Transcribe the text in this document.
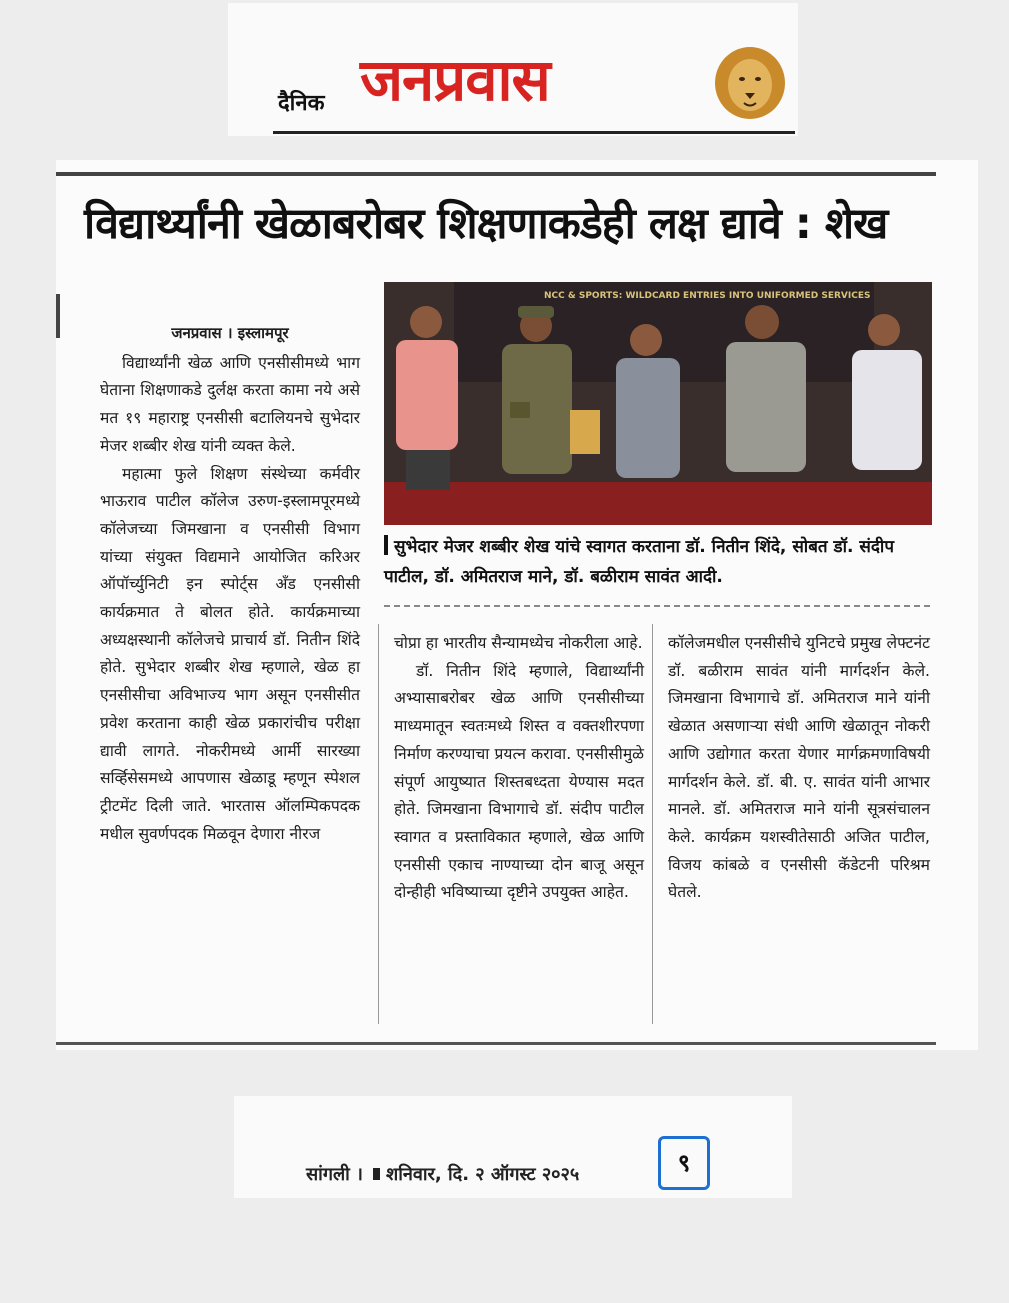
दैनिक जनप्रवास
विद्यार्थ्यांनी खेळाबरोबर शिक्षणाकडेही लक्ष द्यावे : शेख

जनप्रवास । इस्लामपूर

विद्यार्थ्यांनी खेळ आणि एनसीसीमध्ये भाग घेताना शिक्षणाकडे दुर्लक्ष करता कामा नये असे मत १९ महाराष्ट्र एनसीसी बटालियनचे सुभेदार मेजर शब्बीर शेख यांनी व्यक्त केले.

महात्मा फुले शिक्षण संस्थेच्या कर्मवीर भाऊराव पाटील कॉलेज उरुण-इस्लामपूरमध्ये कॉलेजच्या जिमखाना व एनसीसी विभाग यांच्या संयुक्त विद्यमाने आयोजित करिअर ऑपॉर्च्युनिटी इन स्पोर्ट्स अँड एनसीसी कार्यक्रमात ते बोलत होते. कार्यक्रमाच्या अध्यक्षस्थानी कॉलेजचे प्राचार्य डॉ. नितीन शिंदे होते. सुभेदार शब्बीर शेख म्हणाले, खेळ हा एनसीसीचा अविभाज्य भाग असून एनसीसीत प्रवेश करताना काही खेळ प्रकारांचीच परीक्षा द्यावी लागते. नोकरीमध्ये आर्मी सारख्या सर्व्हिसेसमध्ये आपणास खेळाडू म्हणून स्पेशल ट्रीटमेंट दिली जाते. भारतास ऑलम्पिकपदक मधील सुवर्णपदक मिळवून देणारा नीरज

NCC & SPORTS: WILDCARD ENTRIES INTO UNIFORMED SERVICES
सुभेदार मेजर शब्बीर शेख यांचे स्वागत करताना डॉ. नितीन शिंदे, सोबत डॉ. संदीप पाटील, डॉ. अमितराज माने, डॉ. बळीराम सावंत आदी.

चोप्रा हा भारतीय सैन्यामध्येच नोकरीला आहे.

डॉ. नितीन शिंदे म्हणाले, विद्यार्थ्यांनी अभ्यासाबरोबर खेळ आणि एनसीसीच्या माध्यमातून स्वतःमध्ये शिस्त व वक्तशीरपणा निर्माण करण्याचा प्रयत्न करावा. एनसीसीमुळे संपूर्ण आयुष्यात शिस्तबध्दता येण्यास मदत होते. जिमखाना विभागाचे डॉ. संदीप पाटील स्वागत व प्रस्ताविकात म्हणाले, खेळ आणि एनसीसी एकाच नाण्याच्या दोन बाजू असून दोन्हीही भविष्याच्या दृष्टीने उपयुक्त आहेत.

कॉलेजमधील एनसीसीचे युनिटचे प्रमुख लेफ्टनंट डॉ. बळीराम सावंत यांनी मार्गदर्शन केले. जिमखाना विभागाचे डॉ. अमितराज माने यांनी खेळात असणाऱ्या संधी आणि खेळातून नोकरी आणि उद्योगात करता येणार मार्गक्रमणाविषयी मार्गदर्शन केले. डॉ. बी. ए. सावंत यांनी आभार मानले. डॉ. अमितराज माने यांनी सूत्रसंचालन केले. कार्यक्रम यशस्वीतेसाठी अजित पाटील, विजय कांबळे व एनसीसी कॅडेटनी परिश्रम घेतले.

सांगली । शनिवार, दि. २ ऑगस्ट २०२५	९
